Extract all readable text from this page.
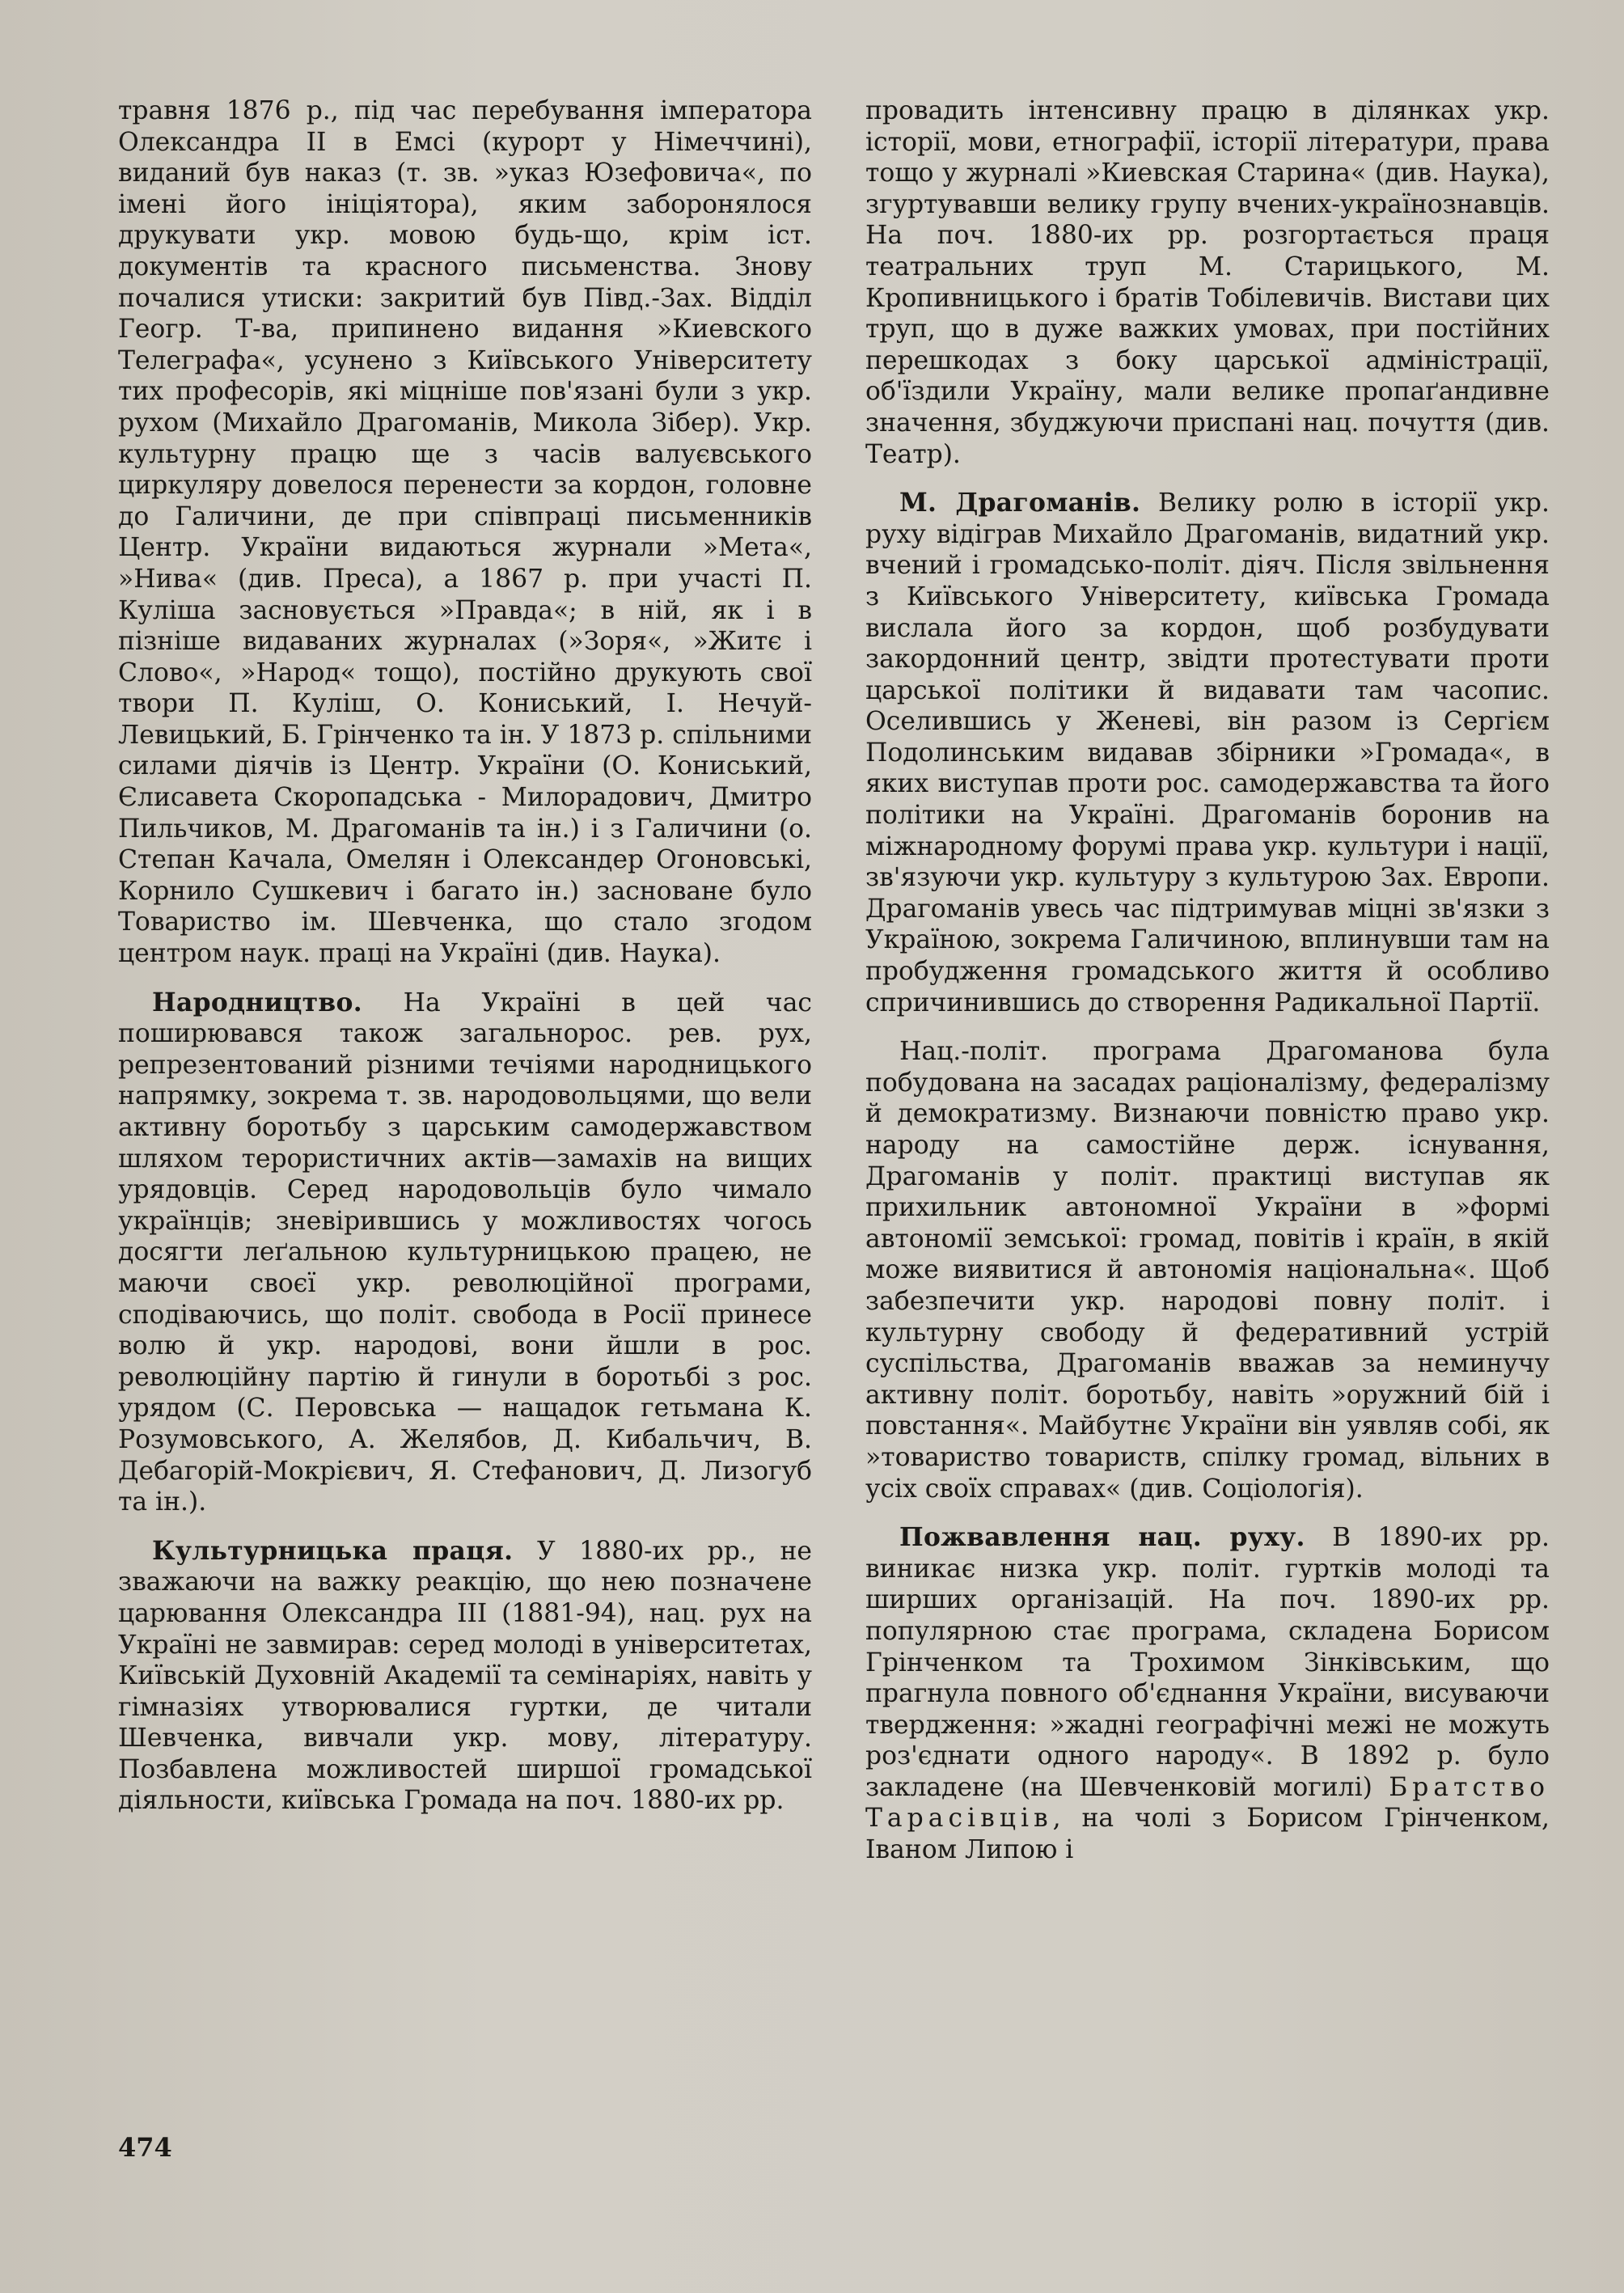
травня 1876 р., під час перебування імператора Олександра II в Емсі (курорт у Німеччині), виданий був наказ (т. зв. »указ Юзефовича«, по імені його ініціятора), яким заборонялося друкувати укр. мовою будь-що, крім іст. документів та красного письменства. Знову почалися утиски: закритий був Півд.-Зах. Відділ Геогр. Т-ва, припинено видання »Киевского Телеграфа«, усунено з Київського Університету тих професорів, які міцніше пов'язані були з укр. рухом (Михайло Драгоманів, Микола Зібер). Укр. культурну працю ще з часів валуєвського циркуляру довелося перенести за кордон, головне до Галичини, де при співпраці письменників Центр. України видаються журнали »Мета«, »Нива« (див. Преса), а 1867 р. при участі П. Куліша засновується »Правда«; в ній, як і в пізніше видаваних журналах (»Зоря«, »Житє і Слово«, »Народ« тощо), постійно друкують свої твори П. Куліш, О. Кониський, І. Нечуй-Левицький, Б. Грінченко та ін. У 1873 р. спільними силами діячів із Центр. України (О. Кониський, Єлисавета Скоропадська - Милорадович, Дмитро Пильчиков, М. Драгоманів та ін.) і з Галичини (о. Степан Качала, Омелян і Олександер Огоновські, Корнило Сушкевич і багато ін.) засноване було Товариство ім. Шевченка, що стало згодом центром наук. праці на Україні (див. Наука).

Народництво. На Україні в цей час поширювався також загальнорос. рев. рух, репрезентований різними течіями народницького напрямку, зокрема т. зв. народовольцями, що вели активну боротьбу з царським самодержавством шляхом терористичних актів—замахів на вищих урядовців. Серед народовольців було чимало українців; зневірившись у можливостях чогось досягти леґальною культурницькою працею, не маючи своєї укр. революційної програми, сподіваючись, що політ. свобода в Росії принесе волю й укр. народові, вони йшли в рос. революційну партію й гинули в боротьбі з рос. урядом (С. Перовська — нащадок гетьмана К. Розумовського, А. Желябов, Д. Кибальчич, В. Дебагорій-Мокрієвич, Я. Стефанович, Д. Лизогуб та ін.).

Культурницька праця. У 1880-их рр., не зважаючи на важку реакцію, що нею позначене царювання Олександра III (1881-94), нац. рух на Україні не завмирав: серед молоді в університетах, Київській Духовній Академії та семінаріях, навіть у гімназіях утворювалися гуртки, де читали Шевченка, вивчали укр. мову, літературу. Позбавлена можливостей ширшої громадської діяльности, київська Громада на поч. 1880-их рр.

провадить інтенсивну працю в ділянках укр. історії, мови, етнографії, історії літератури, права тощо у журналі »Киевская Старина« (див. Наука), згуртувавши велику групу вчених-українознавців. На поч. 1880-их рр. розгортається праця театральних труп М. Старицького, М. Кропивницького і братів Тобілевичів. Вистави цих труп, що в дуже важких умовах, при постійних перешкодах з боку царської адміністрації, об'їздили Україну, мали велике пропаґандивне значення, збуджуючи приспані нац. почуття (див. Театр).

М. Драгоманів. Велику ролю в історії укр. руху відіграв Михайло Драгоманів, видатний укр. вчений і громадсько-політ. діяч. Після звільнення з Київського Університету, київська Громада вислала його за кордон, щоб розбудувати закордонний центр, звідти протестувати проти царської політики й видавати там часопис. Оселившись у Женеві, він разом із Сергієм Подолинським видавав збірники »Громада«, в яких виступав проти рос. самодержавства та його політики на Україні. Драгоманів боронив на міжнародному форумі права укр. культури і нації, зв'язуючи укр. культуру з культурою Зах. Европи. Драгоманів увесь час підтримував міцні зв'язки з Україною, зокрема Галичиною, вплинувши там на пробудження громадського життя й особливо спричинившись до створення Радикальної Партії.

Нац.-політ. програма Драгоманова була побудована на засадах раціоналізму, федералізму й демократизму. Визнаючи повністю право укр. народу на самостійне держ. існування, Драгоманів у політ. практиці виступав як прихильник автономної України в »формі автономії земської: громад, повітів і країн, в якій може виявитися й автономія національна«. Щоб забезпечити укр. народові повну політ. і культурну свободу й федеративний устрій суспільства, Драгоманів вважав за неминучу активну політ. боротьбу, навіть »оружний бій і повстання«. Майбутнє України він уявляв собі, як »товариство товариств, спілку громад, вільних в усіх своїх справах« (див. Соціологія).

Пожвавлення нац. руху. В 1890-их рр. виникає низка укр. політ. гуртків молоді та ширших організацій. На поч. 1890-их рр. популярною стає програма, складена Борисом Грінченком та Трохимом Зінківським, що прагнула повного об'єднання України, висуваючи твердження: »жадні географічні межі не можуть роз'єднати одного народу«. В 1892 р. було закладене (на Шевченковій могилі) Братство Тарасівців, на чолі з Борисом Грінченком, Іваном Липою і

474
